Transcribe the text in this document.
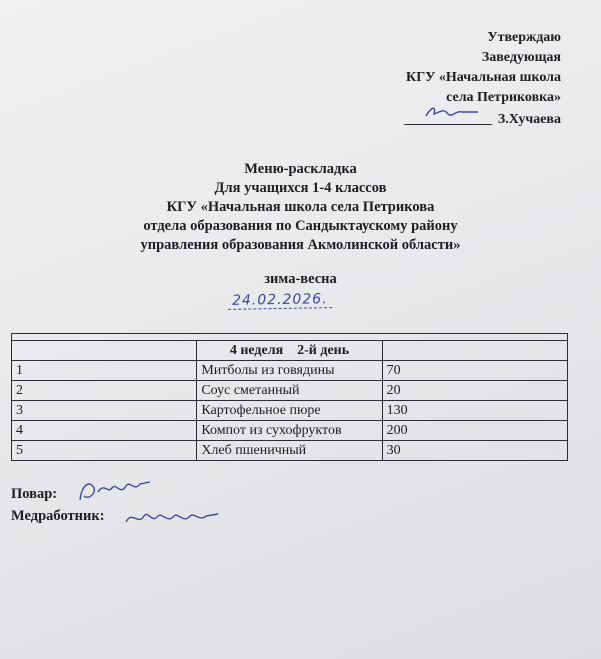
Утверждаю
Заведующая
КГУ «Начальная школа
села Петриковка»
З.Хучаева
Меню-раскладка
Для учащихся 1-4 классов
КГУ «Начальная школа села Петрикова
отдела образования по Сандыктаускому району
управления образования Акмолинской области»
зима-весна
24.02.2026.

	4 неделя    2-й день	
1	Митболы из говядины	70
2	Соус сметанный	20
3	Картофельное пюре	130
4	Компот из сухофруктов	200
5	Хлеб пшеничный	30
Повар:
Медработник:
